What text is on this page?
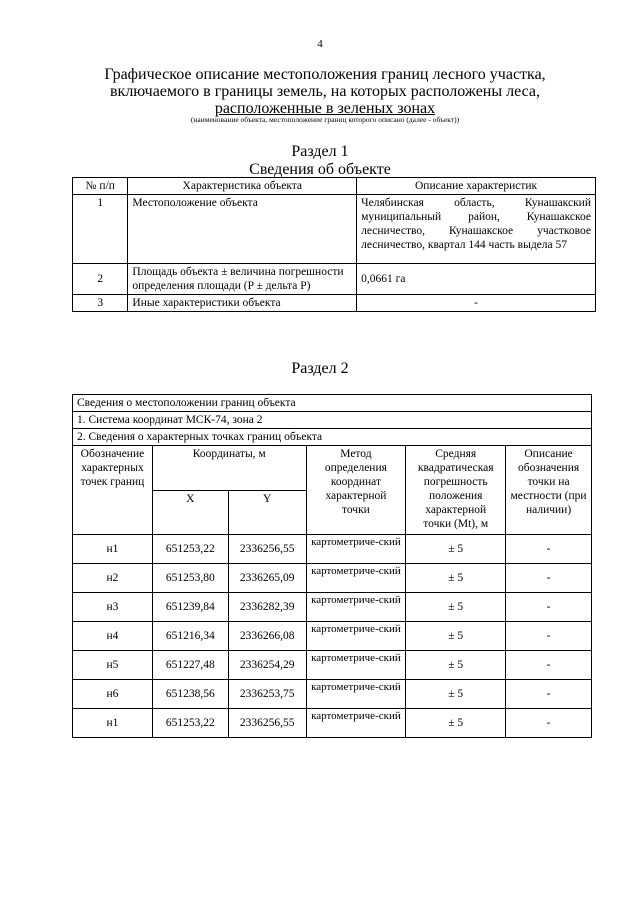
4
Графическое описание местоположения границ лесного участка,
включаемого в границы земель, на которых расположены леса,
расположенные в зеленых зонах
(наименование объекта, местоположение границ которого описано (далее - объект))
Раздел 1
Сведения об объекте
№ п/п	Характеристика объекта	Описание характеристик
1	Местоположение объекта	Челябинская область, Кунашакский муниципальный район, Кунашакское лесничество, Кунашакское участковое лесничество, квартал 144 часть выдела 57
2	Площадь объекта ± величина погрешности определения площади (P ± дельта P)	0,0661 га
3	Иные характеристики объекта	-
Раздел 2
Сведения о местоположении границ объекта					
1. Система координат МСК-74, зона 2					
2. Сведения о характерных точках границ объекта					
Обозначение характерных точек границ	Координаты, м		Метод определения координат характерной точки	Средняя квадратическая погрешность положения характерной точки (Mt), м	Описание обозначения точки на местности (при наличии)
	X	Y			
н1	651253,22	2336256,55	картометриче-ский	± 5	-
н2	651253,80	2336265,09	картометриче-ский	± 5	-
н3	651239,84	2336282,39	картометриче-ский	± 5	-
н4	651216,34	2336266,08	картометриче-ский	± 5	-
н5	651227,48	2336254,29	картометриче-ский	± 5	-
н6	651238,56	2336253,75	картометриче-ский	± 5	-
н1	651253,22	2336256,55	картометриче-ский	± 5	-
